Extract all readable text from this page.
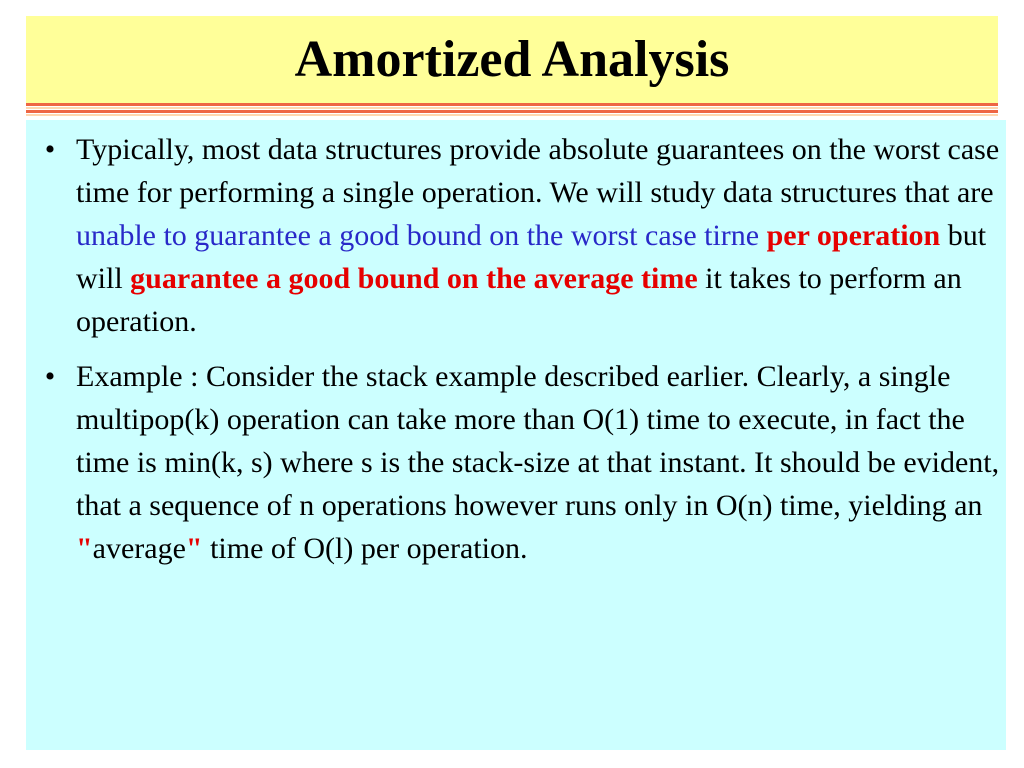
Amortized Analysis
• Typically, most data structures provide absolute guarantees on the worst case time for performing a single operation. We will study data structures that are unable to guarantee a good bound on the worst case tirne per operation but will guarantee a good bound on the average time it takes to perform an operation.
• Example : Consider the stack example described earlier. Clearly, a single multipop(k) operation can take more than O(1) time to execute, in fact the time is min(k, s) where s is the stack-size at that instant. It should be evident, that a sequence of n operations however runs only in O(n) time, yielding an "average" time of O(l) per operation.
